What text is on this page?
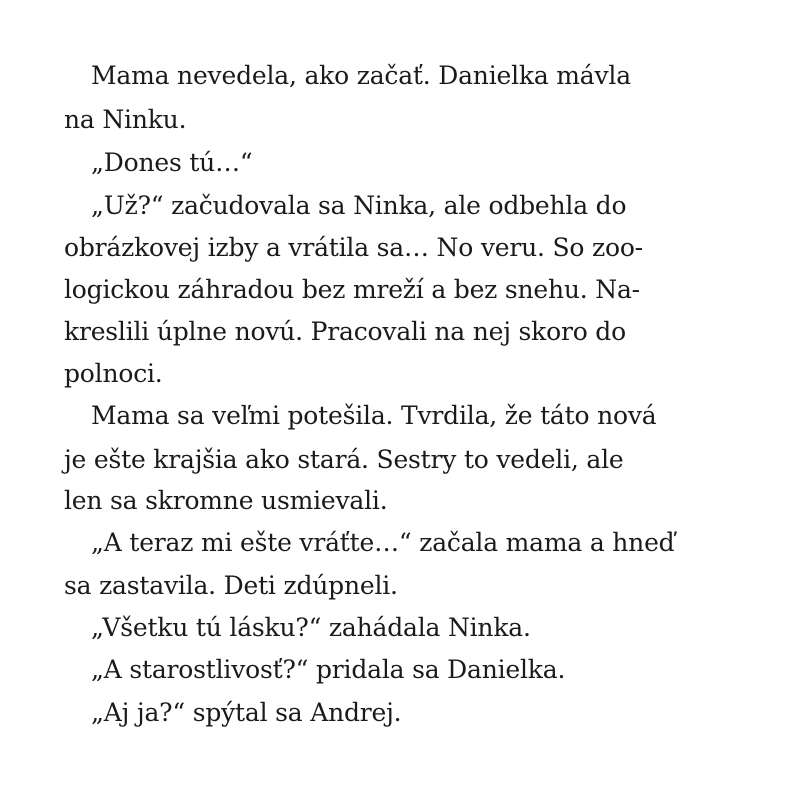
Mama nevedela, ako začať. Danielka mávla
na Ninku.
„Dones tú…“
„Už?“ začudovala sa Ninka, ale odbehla do
obrázkovej izby a vrátila sa… No veru. So zoo-
logickou záhradou bez mreží a bez snehu. Na-
kreslili úplne novú. Pracovali na nej skoro do
polnoci.
Mama sa veľmi potešila. Tvrdila, že táto nová
je ešte krajšia ako stará. Sestry to vedeli, ale
len sa skromne usmievali.
„A teraz mi ešte vráťte…“ začala mama a hneď
sa zastavila. Deti zdúpneli.
„Všetku tú lásku?“ zahádala Ninka.
„A starostlivosť?“ pridala sa Danielka.
„Aj ja?“ spýtal sa Andrej.
